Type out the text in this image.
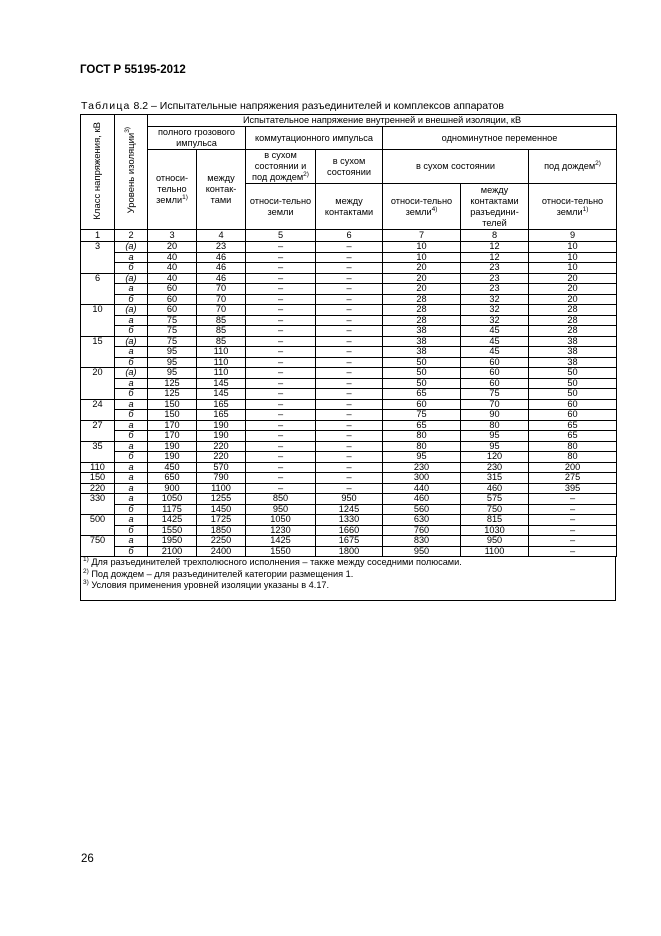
ГОСТ Р 55195-2012
Таблица 8.2 – Испытательные напряжения разъединителей и комплексов аппаратов
Класс напряжения, кВ	Уровень изоляции$^{3)}$	Испытательное напряжение внутренней и внешней изоляции, кВ						
		полного грозового импульса		коммутационного импульса		одноминутное переменное		
		относи-тельно земли$^{1)}$	между контак-тами	в сухом состоянии и под дождем$^{2)}$	в сухом состоянии	в сухом состоянии		под дождем$^{2)}$
				относи-тельно земли	между контактами	относи-тельно земли$^{4)}$	между контактами разъедини-телей	относи-тельно земли$^{1)}$
1	2	3	4	5	6	7	8	9
3	(а)	20	23	–	–	10	12	10
	а	40	46	–	–	10	12	10
	б	40	46	–	–	20	23	10
6	(а)	40	46	–	–	20	23	20
	а	60	70	–	–	20	23	20
	б	60	70	–	–	28	32	20
10	(а)	60	70	–	–	28	32	28
	а	75	85	–	–	28	32	28
	б	75	85	–	–	38	45	28
15	(а)	75	85	–	–	38	45	38
	а	95	110	–	–	38	45	38
	б	95	110	–	–	50	60	38
20	(а)	95	110	–	–	50	60	50
	а	125	145	–	–	50	60	50
	б	125	145	–	–	65	75	50
24	а	150	165	–	–	60	70	60
	б	150	165	–	–	75	90	60
27	а	170	190	–	–	65	80	65
	б	170	190	–	–	80	95	65
35	а	190	220	–	–	80	95	80
	б	190	220	–	–	95	120	80
110	а	450	570	–	–	230	230	200
150	а	650	790	–	–	300	315	275
220	а	900	1100	–	–	440	460	395
330	а	1050	1255	850	950	460	575	–
	б	1175	1450	950	1245	560	750	–
500	а	1425	1725	1050	1330	630	815	–
	б	1550	1850	1230	1660	760	1030	–
750	а	1950	2250	1425	1675	830	950	–
	б	2100	2400	1550	1800	950	1100	–
$^{1)}$ Для разъединителей трехполюсного исполнения – также между соседними полюсами.
$^{2)}$ Под дождем – для разъединителей категории размещения 1.
$^{3)}$ Условия применения уровней изоляции указаны в 4.17.
26
